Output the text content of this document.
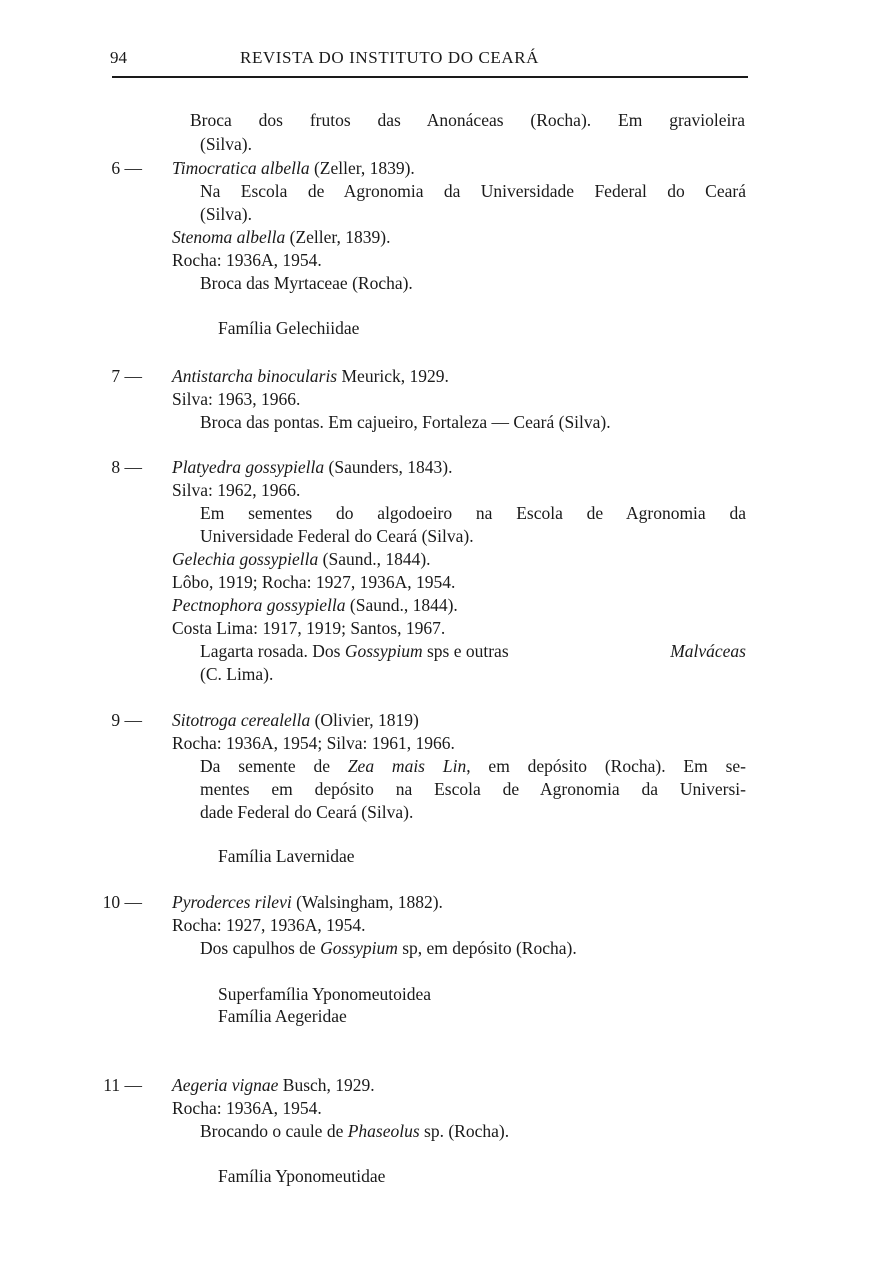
94	REVISTA DO INSTITUTO DO CEARÁ
Broca dos frutos das Anonáceas (Rocha). Em gravioleira
(Silva).
6 — Timocratica albella (Zeller, 1839).
Na Escola de Agronomia da Universidade Federal do Ceará
(Silva).
Stenoma albella (Zeller, 1839).
Rocha: 1936A, 1954.
Broca das Myrtaceae (Rocha).
Família Gelechiidae
7 — Antistarcha binocularis Meurick, 1929.
Silva: 1963, 1966.
Broca das pontas. Em cajueiro, Fortaleza — Ceará (Silva).
8 — Platyedra gossypiella (Saunders, 1843).
Silva: 1962, 1966.
Em sementes do algodoeiro na Escola de Agronomia da
Universidade Federal do Ceará (Silva).
Gelechia gossypiella (Saund., 1844).
Lôbo, 1919; Rocha: 1927, 1936A, 1954.
Pectnophora gossypiella (Saund., 1844).
Costa Lima: 1917, 1919; Santos, 1967.
Lagarta rosada. Dos Gossypium sps e outras	Malváceas
(C. Lima).
9 — Sitotroga cerealella (Olivier, 1819)
Rocha: 1936A, 1954; Silva: 1961, 1966.
Da semente de Zea mais Lin, em depósito (Rocha). Em se-
mentes em depósito na Escola de Agronomia da Universi-
dade Federal do Ceará (Silva).
Família Lavernidae
10 — Pyroderces rilevi (Walsingham, 1882).
Rocha: 1927, 1936A, 1954.
Dos capulhos de Gossypium sp, em depósito (Rocha).
Superfamília Yponomeutoidea
Família Aegeridae
11 — Aegeria vignae Busch, 1929.
Rocha: 1936A, 1954.
Brocando o caule de Phaseolus sp. (Rocha).
Família Yponomeutidae
